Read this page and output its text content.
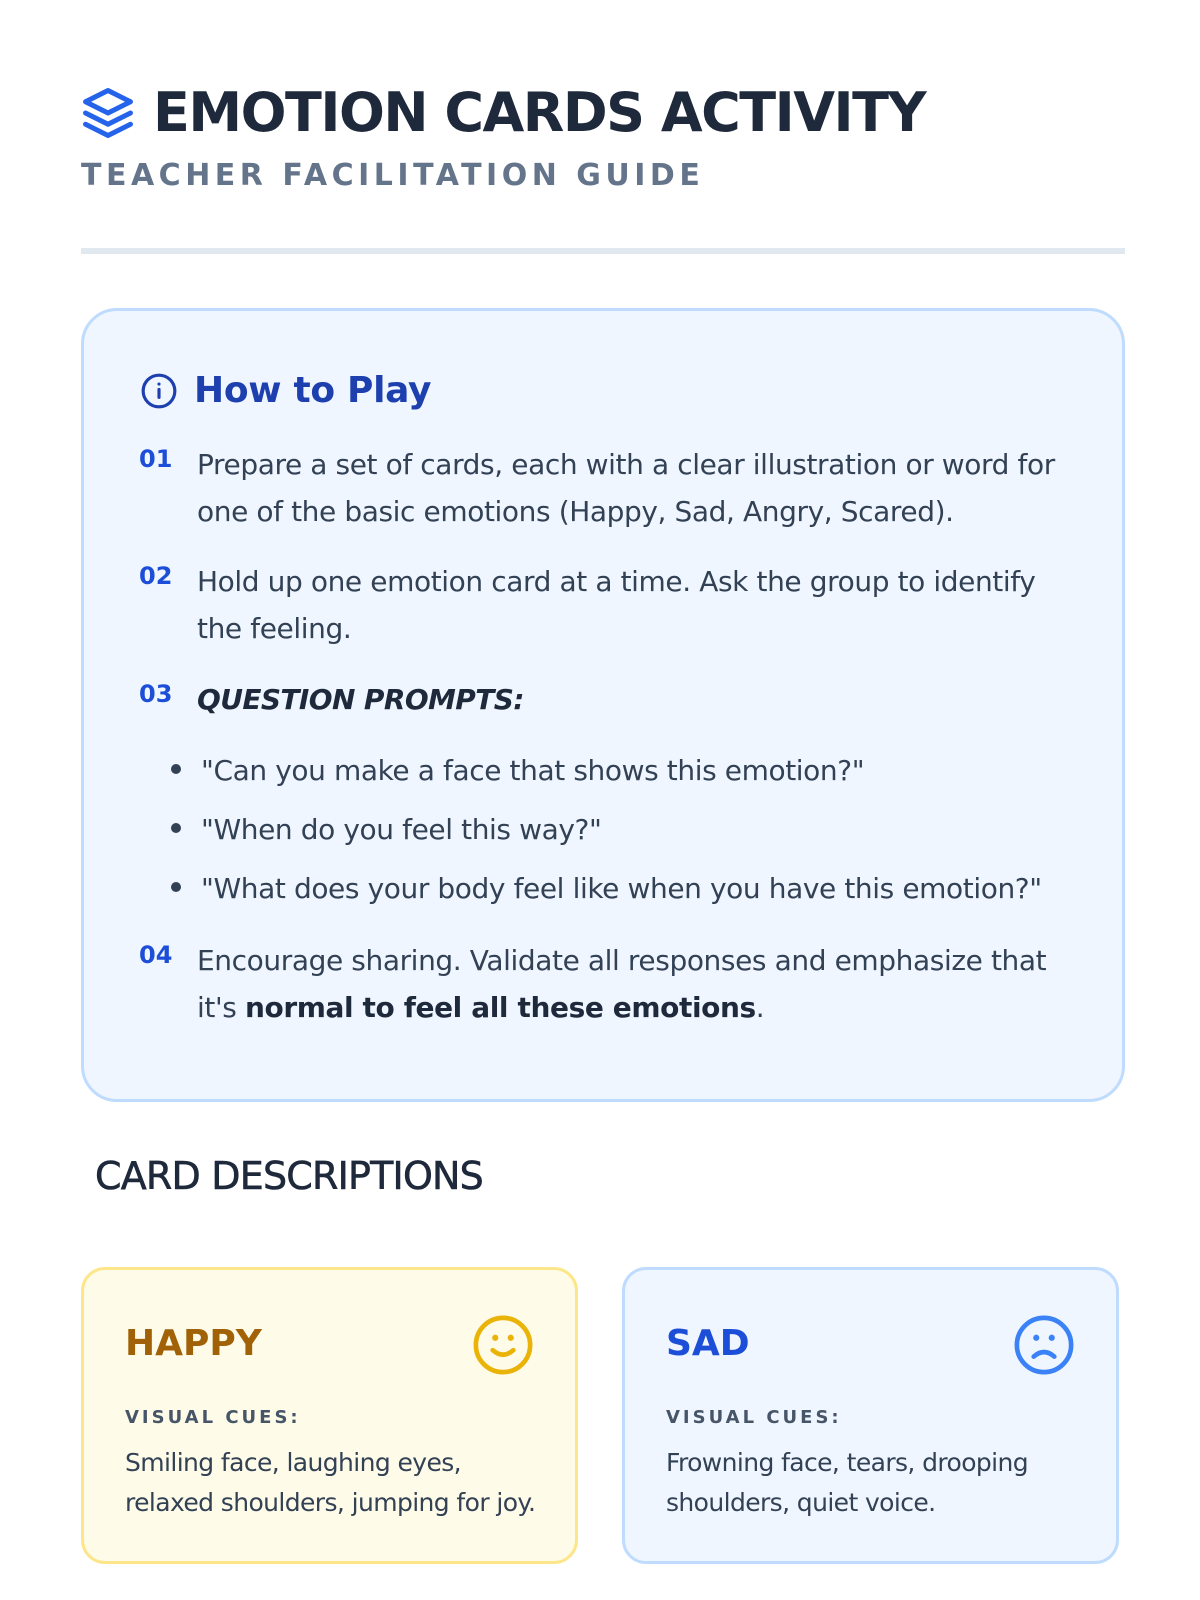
EMOTION CARDS ACTIVITY
TEACHER FACILITATION GUIDE
How to Play
01 Prepare a set of cards, each with a clear illustration or word for one of the basic emotions (Happy, Sad, Angry, Scared).
02 Hold up one emotion card at a time. Ask the group to identify the feeling.
03 QUESTION PROMPTS:
"Can you make a face that shows this emotion?"
"When do you feel this way?"
"What does your body feel like when you have this emotion?"
04 Encourage sharing. Validate all responses and emphasize that it's normal to feel all these emotions.
CARD DESCRIPTIONS
HAPPY
VISUAL CUES:
Smiling face, laughing eyes, relaxed shoulders, jumping for joy.
SAD
VISUAL CUES:
Frowning face, tears, drooping shoulders, quiet voice.
